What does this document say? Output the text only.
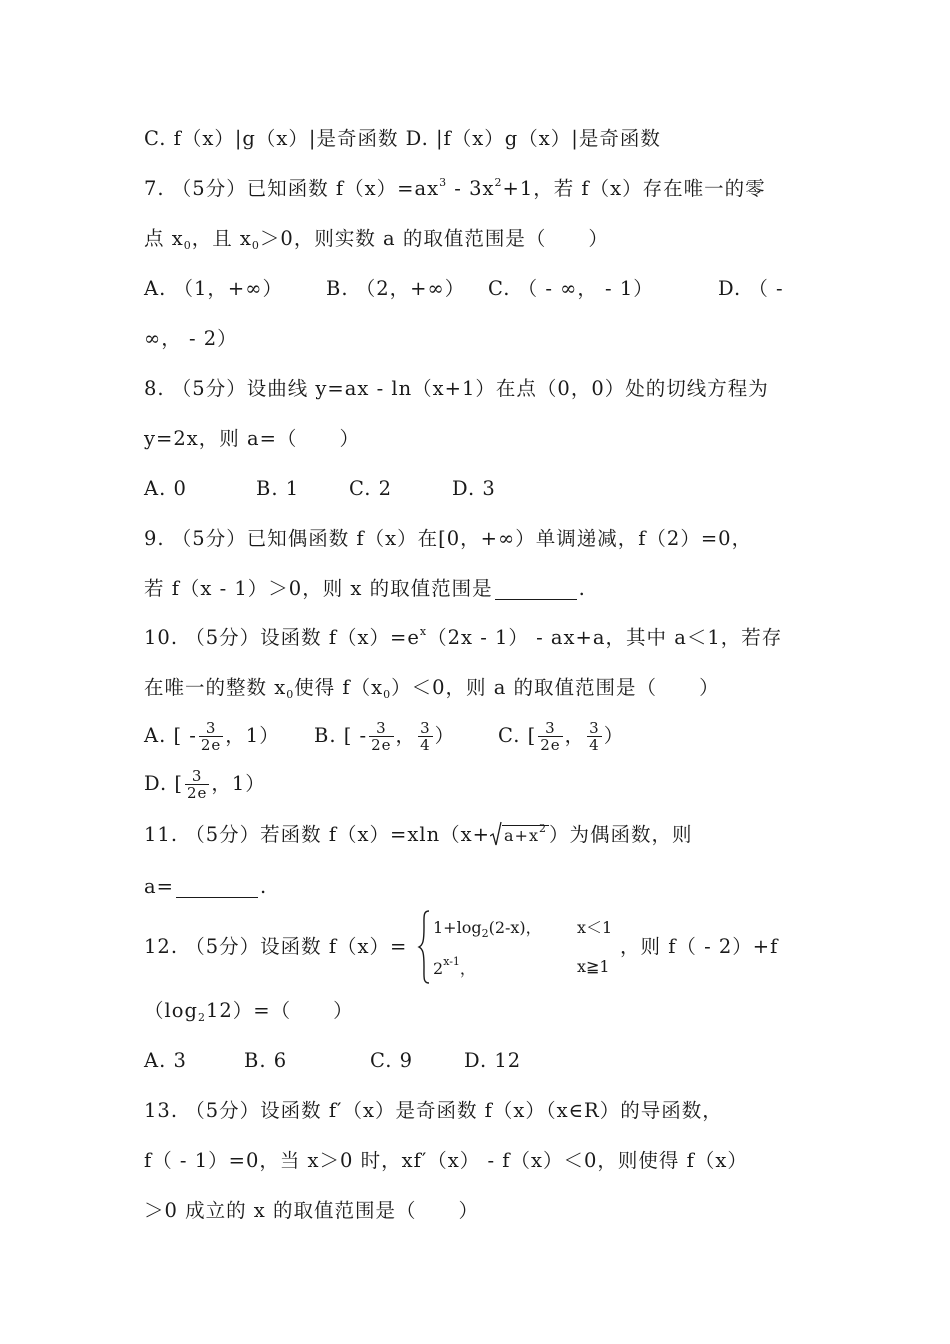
C. f（x）|g（x）|是奇函数 D. |f（x）g（x）|是奇函数
7. （5分）已知函数 $f(x)=ax^3 - 3x^2+1$，若 f（x）存在唯一的零
点 $x_0$，且 $x_0>0$，则实数 a 的取值范围是（ ）
A. （1，+∞） B. （2，+∞） C. （ - ∞， - 1）	D. （ -
∞， - 2）
8. （5分）设曲线 y=ax - ln（x+1）在点（0，0）处的切线方程为
y=2x，则 a=（ ）
A. 0	B. 1	C. 2	D. 3
9. （5分）已知偶函数 f（x）在[0，+∞）单调递减，f（2）=0，
若 f（x - 1）＞0，则 x 的取值范围是	.
10. （5分）设函数 $f(x)=e^x(2x - 1) - ax+a$，其中 a＜1，若存
在唯一的整数 $x_0$使得 $f(x_0)<0$，则 a 的取值范围是（ ）
A. [ - $\frac{3}{2e}$ ，1） B. [ - $\frac{3}{2e}$ ， $\frac{3}{4}$ ） C. [ $\frac{3}{2e}$ ， $\frac{3}{4}$ ）
D. [ $\frac{3}{2e}$ ，1）
11. （5分）若函数 $f(x)=xln(x+ a+x^2$ ）为偶函数，则
a=	.
12. （5分）设函数 f（x）=
$1+\log_2(2-x)$， x＜1
2$^{x-1}$，	x≧1
，则 f（ - 2）+f
$(\log_212)=$（ ）
A. 3	B. 6	C. 9	D. 12
13. （5分）设函数 f′（x）是奇函数 f（x）（x∈R）的导函数，
f（ - 1）=0，当 x＞0 时，xf′（x） - f（x）＜0，则使得 f（x）
＞0 成立的 x 的取值范围是（ ）
